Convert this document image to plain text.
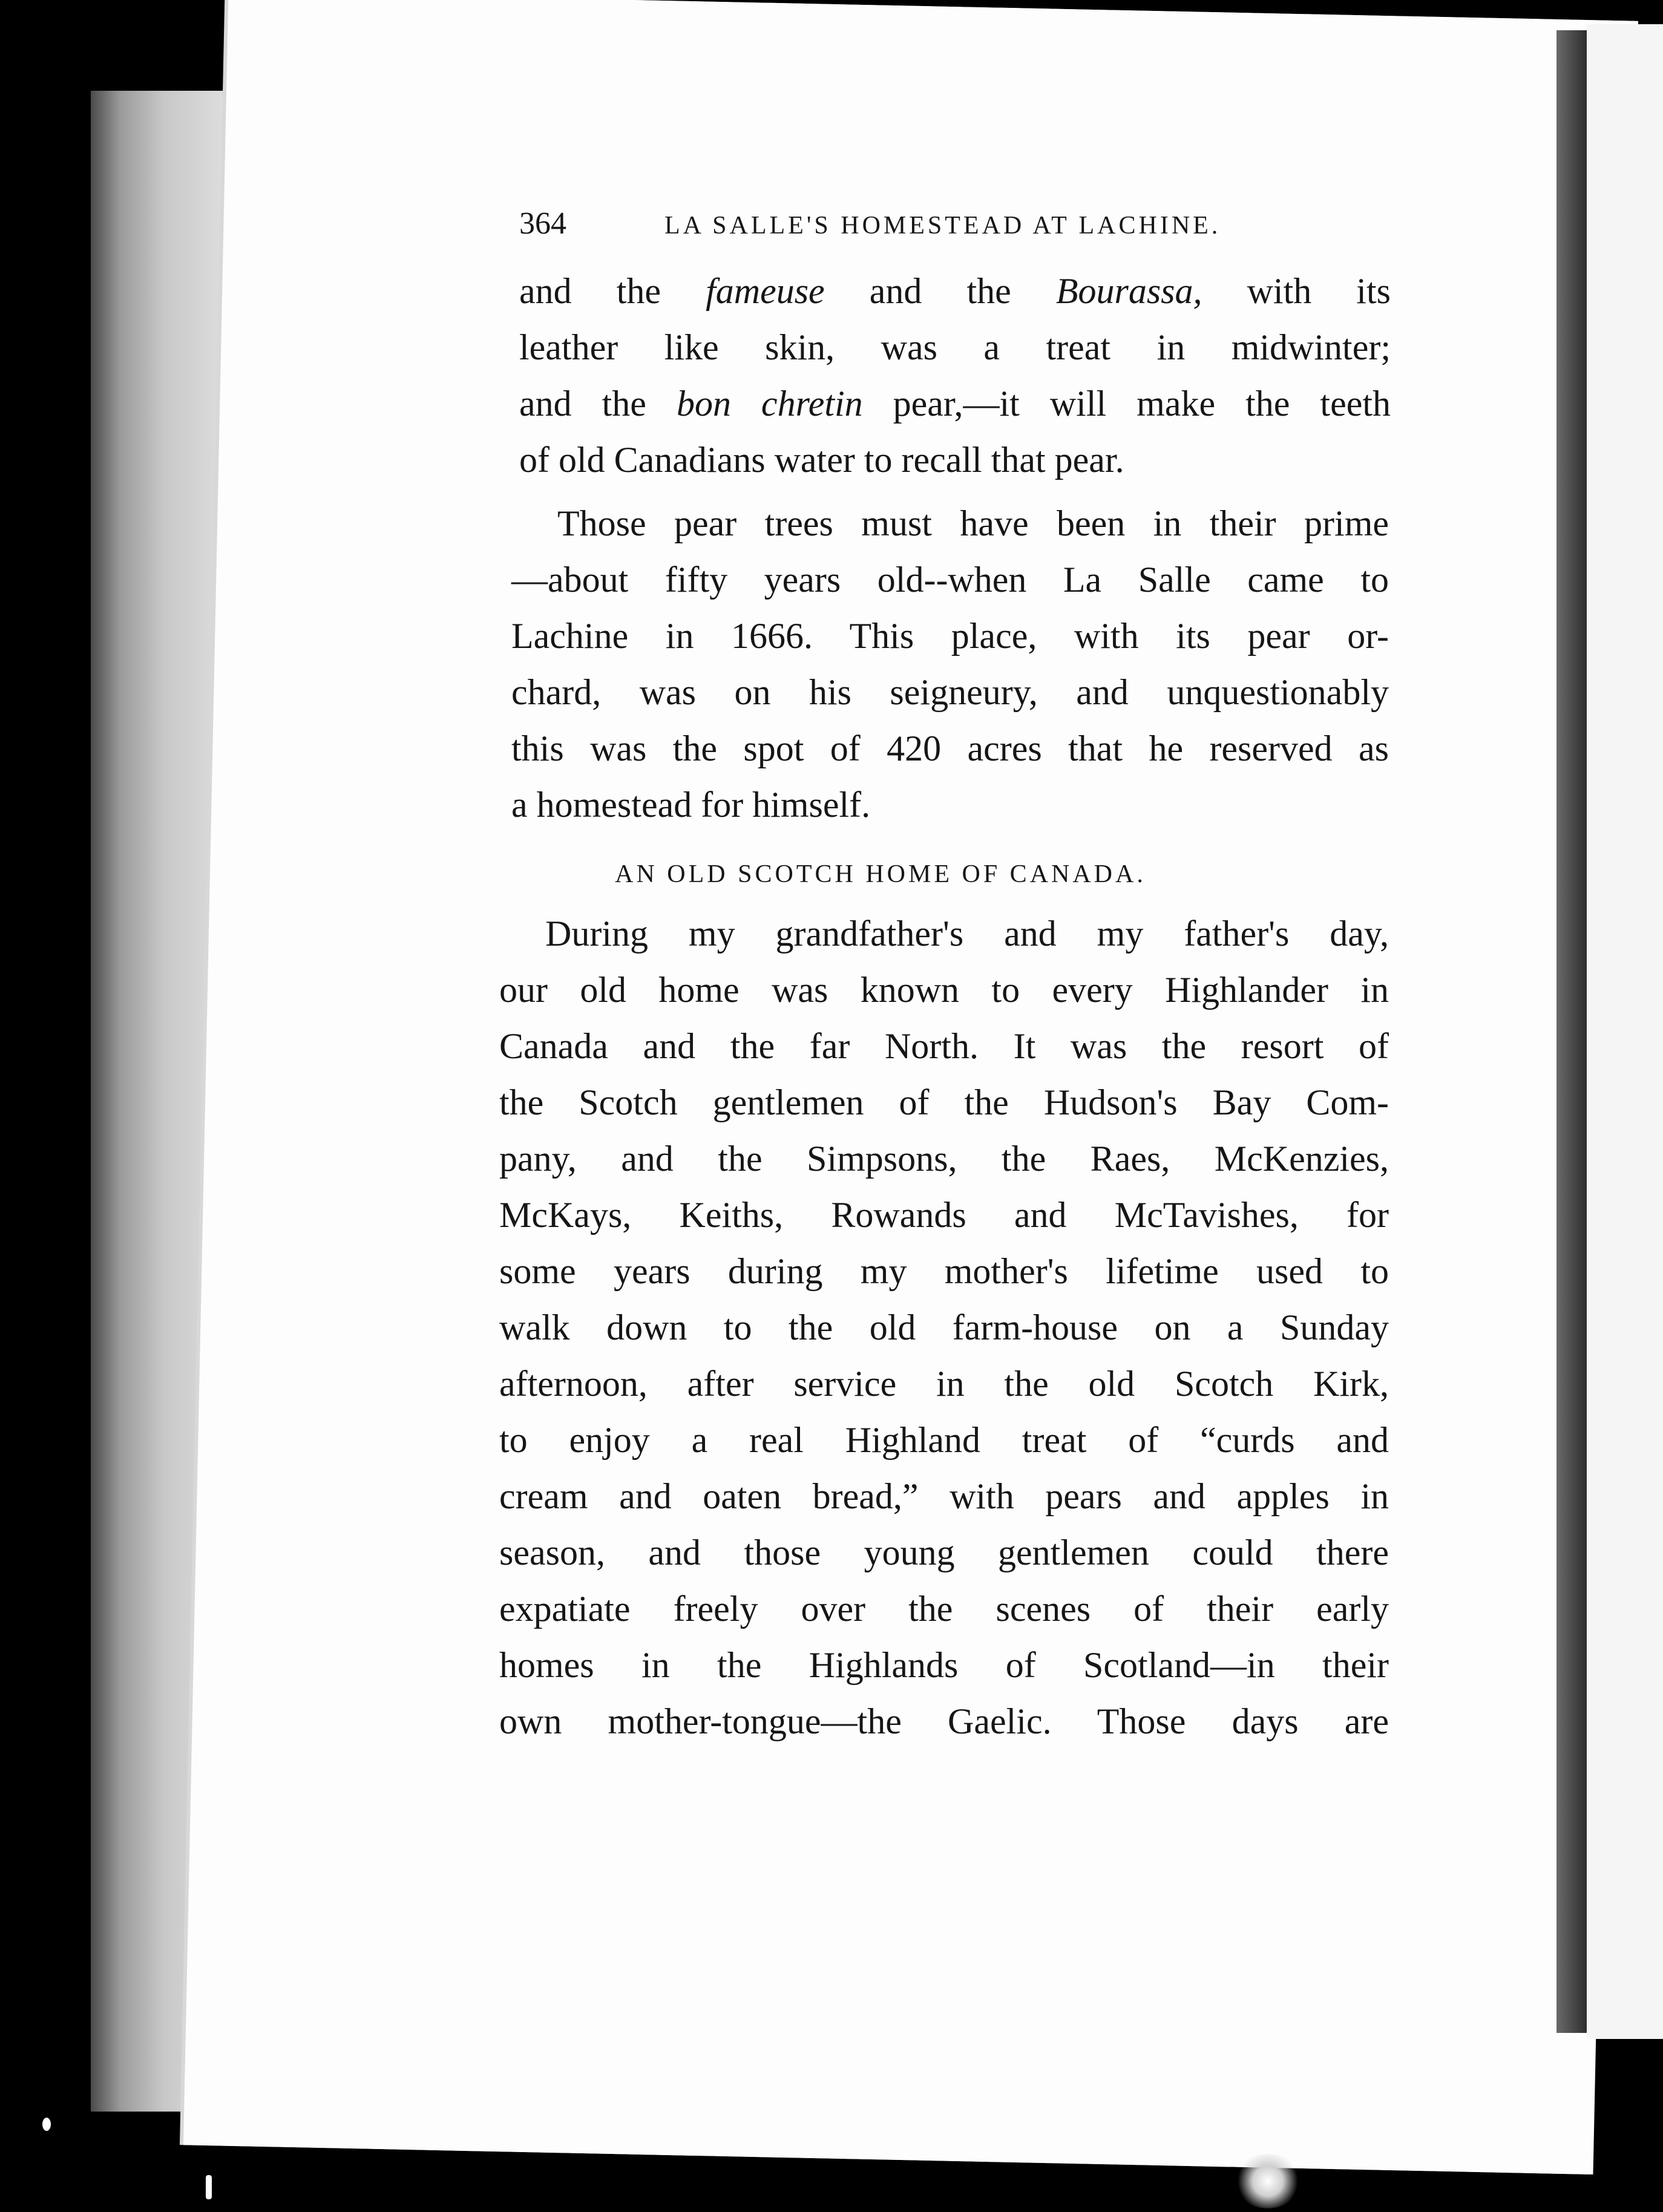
364	LA SALLE'S HOMESTEAD AT LACHINE.
and the fameuse and the Bourassa, with its
leather like skin, was a treat in midwinter;
and the bon chretin pear,—it will make the teeth
of old Canadians water to recall that pear.
Those pear trees must have been in their prime
—about fifty years old--when La Salle came to
Lachine in 1666. This place, with its pear or-
chard, was on his seigneury, and unquestionably
this was the spot of 420 acres that he reserved as
a homestead for himself.
AN OLD SCOTCH HOME OF CANADA.
During my grandfather's and my father's day,
our old home was known to every Highlander in
Canada and the far North. It was the resort of
the Scotch gentlemen of the Hudson's Bay Com-
pany, and the Simpsons, the Raes, McKenzies,
McKays, Keiths, Rowands and McTavishes, for
some years during my mother's lifetime used to
walk down to the old farm-house on a Sunday
afternoon, after service in the old Scotch Kirk,
to enjoy a real Highland treat of “curds and
cream and oaten bread,” with pears and apples in
season, and those young gentlemen could there
expatiate freely over the scenes of their early
homes in the Highlands of Scotland—in their
own mother-tongue—the Gaelic. Those days are
